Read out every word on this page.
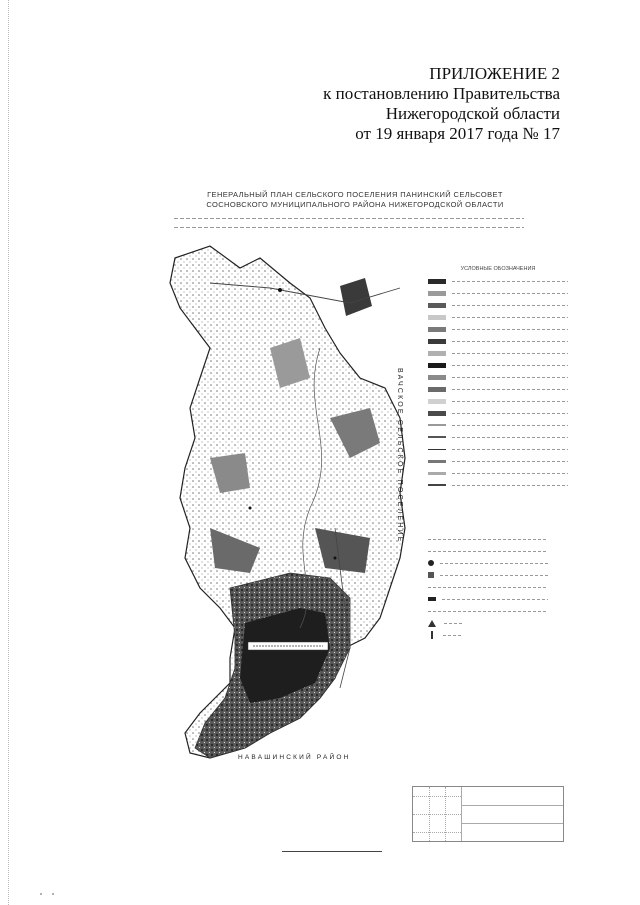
ПРИЛОЖЕНИЕ 2
к постановлению Правительства
Нижегородской области
от 19 января 2017 года № 17
ГЕНЕРАЛЬНЫЙ ПЛАН СЕЛЬСКОГО ПОСЕЛЕНИЯ ПАНИНСКИЙ СЕЛЬСОВЕТ
СОСНОВСКОГО МУНИЦИПАЛЬНОГО РАЙОНА НИЖЕГОРОДСКОЙ ОБЛАСТИ
ВАЧСКОЕ СЕЛЬСКОЕ ПОСЕЛЕНИЕ
НАВАШИНСКИЙ РАЙОН
УСЛОВНЫЕ ОБОЗНАЧЕНИЯ
